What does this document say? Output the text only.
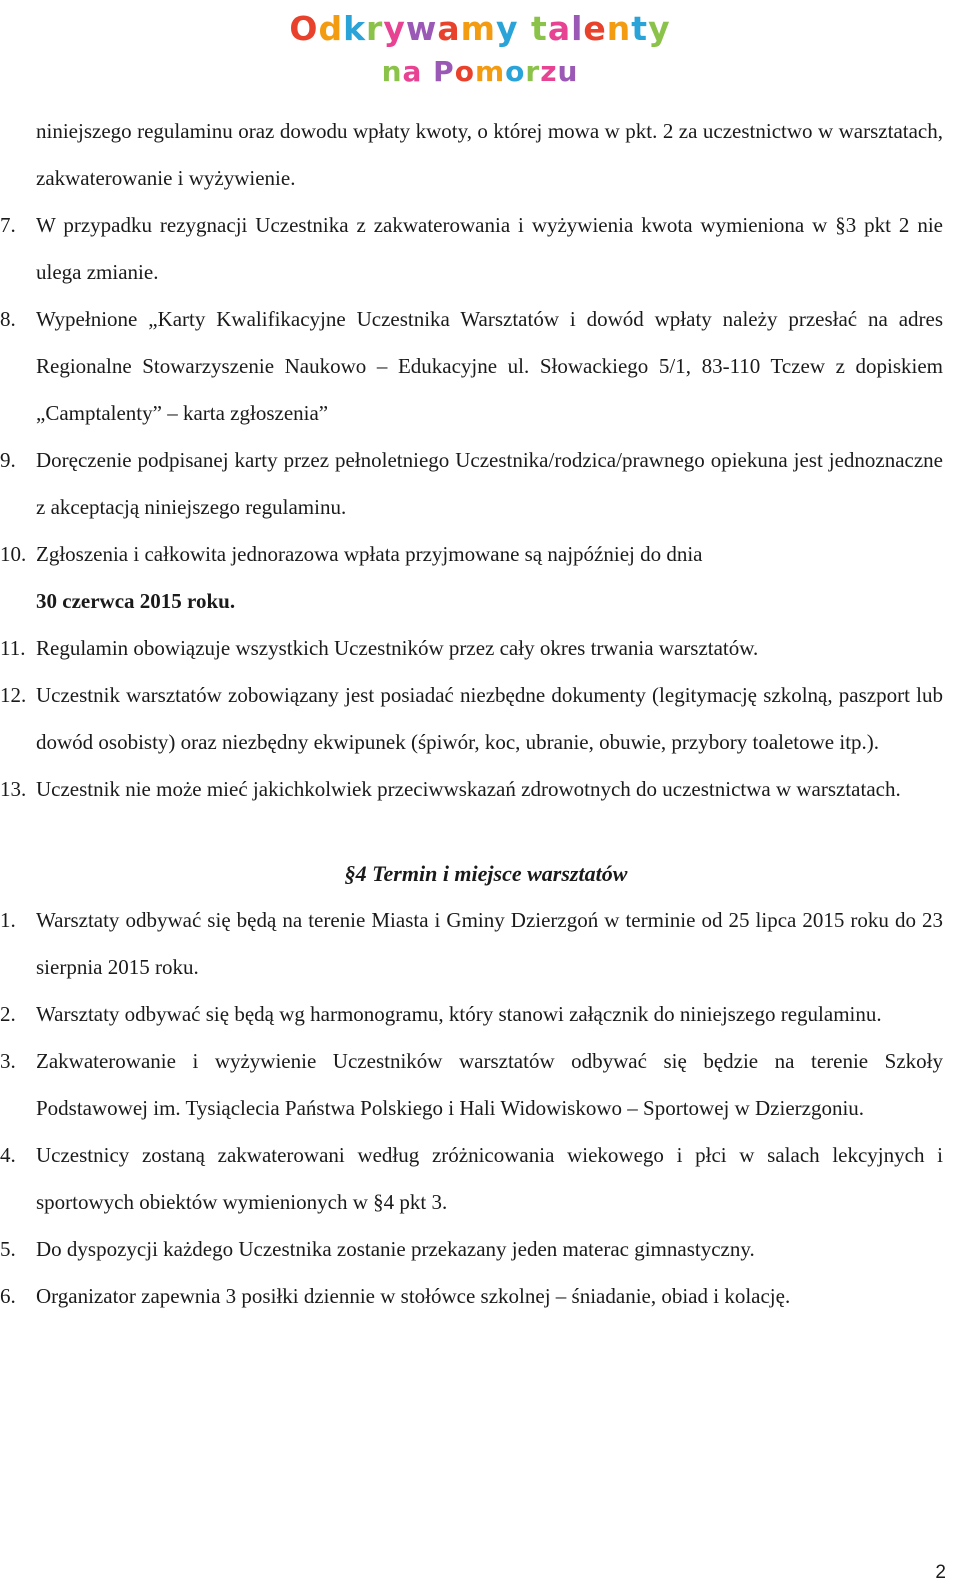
Odkrywamy talenty
na Pomorzu
niniejszego regulaminu oraz dowodu wpłaty kwoty, o której mowa w pkt. 2 za uczestnictwo w warsztatach, zakwaterowanie i wyżywienie.
7. W przypadku rezygnacji Uczestnika z zakwaterowania i wyżywienia kwota wymieniona w §3 pkt 2 nie ulega zmianie.
8. Wypełnione „Karty Kwalifikacyjne Uczestnika Warsztatów i dowód wpłaty należy przesłać na adres Regionalne Stowarzyszenie Naukowo – Edukacyjne ul. Słowackiego 5/1, 83-110 Tczew z dopiskiem „Camptalenty” – karta zgłoszenia”
9. Doręczenie podpisanej karty przez pełnoletniego Uczestnika/rodzica/prawnego opiekuna jest jednoznaczne z akceptacją niniejszego regulaminu.
10. Zgłoszenia i całkowita jednorazowa wpłata przyjmowane są najpóźniej do dnia
30 czerwca 2015 roku.
11. Regulamin obowiązuje wszystkich Uczestników przez cały okres trwania warsztatów.
12. Uczestnik warsztatów zobowiązany jest posiadać niezbędne dokumenty (legitymację szkolną, paszport lub dowód osobisty) oraz niezbędny ekwipunek (śpiwór, koc, ubranie, obuwie, przybory toaletowe itp.).
13. Uczestnik nie może mieć jakichkolwiek przeciwwskazań zdrowotnych do uczestnictwa w warsztatach.
§4 Termin i miejsce warsztatów
1. Warsztaty odbywać się będą na terenie Miasta i Gminy Dzierzgoń w terminie od 25 lipca 2015 roku do 23 sierpnia 2015 roku.
2. Warsztaty odbywać się będą wg harmonogramu, który stanowi załącznik do niniejszego regulaminu.
3. Zakwaterowanie i wyżywienie Uczestników warsztatów odbywać się będzie na terenie Szkoły Podstawowej im. Tysiąclecia Państwa Polskiego i Hali Widowiskowo – Sportowej w Dzierzgoniu.
4. Uczestnicy zostaną zakwaterowani według zróżnicowania wiekowego i płci w salach lekcyjnych i sportowych obiektów wymienionych w §4 pkt 3.
5. Do dyspozycji każdego Uczestnika zostanie przekazany jeden materac gimnastyczny.
6. Organizator zapewnia 3 posiłki dziennie w stołówce szkolnej – śniadanie, obiad i kolację.
2
